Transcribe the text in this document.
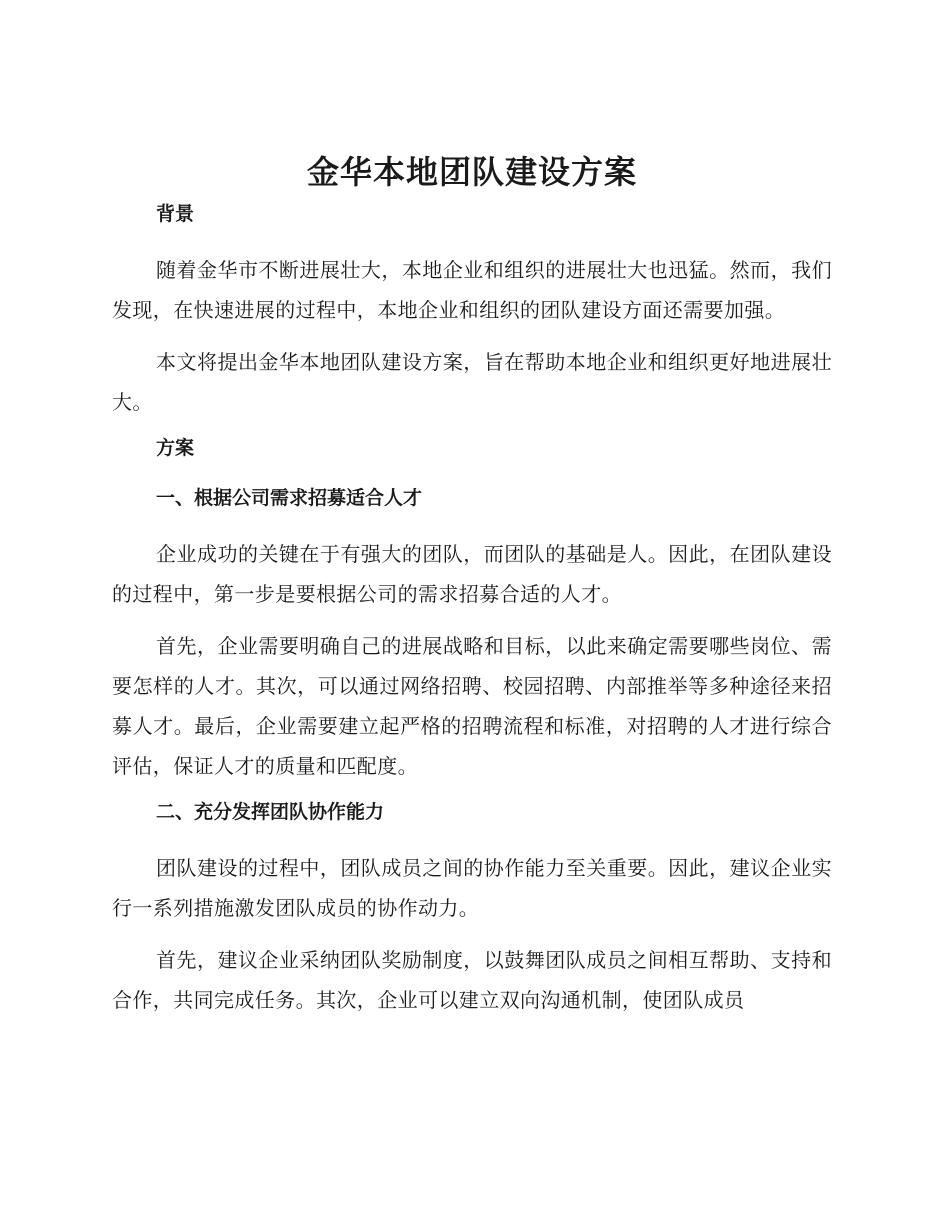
金华本地团队建设方案
背景

随着金华市不断进展壮大，本地企业和组织的进展壮大也迅猛。然而，我们发现，在快速进展的过程中，本地企业和组织的团队建设方面还需要加强。

本文将提出金华本地团队建设方案，旨在帮助本地企业和组织更好地进展壮大。

方案
一、根据公司需求招募适合人才

企业成功的关键在于有强大的团队，而团队的基础是人。因此，在团队建设的过程中，第一步是要根据公司的需求招募合适的人才。

首先，企业需要明确自己的进展战略和目标，以此来确定需要哪些岗位、需要怎样的人才。其次，可以通过网络招聘、校园招聘、内部推举等多种途径来招募人才。最后，企业需要建立起严格的招聘流程和标准，对招聘的人才进行综合评估，保证人才的质量和匹配度。

二、充分发挥团队协作能力

团队建设的过程中，团队成员之间的协作能力至关重要。因此，建议企业实行一系列措施激发团队成员的协作动力。

首先，建议企业采纳团队奖励制度，以鼓舞团队成员之间相互帮助、支持和合作，共同完成任务。其次，企业可以建立双向沟通机制，使团队成员
